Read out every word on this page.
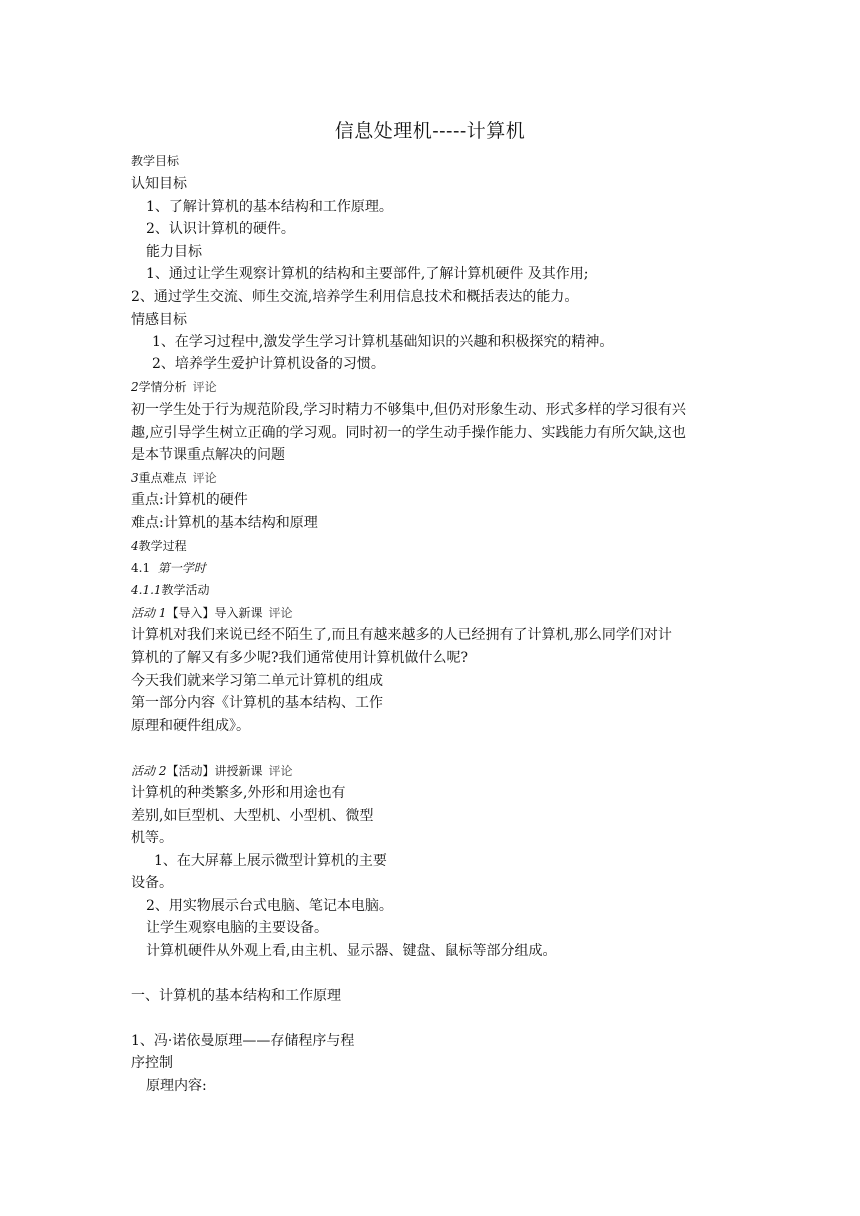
信息处理机-----计算机
教学目标
认知目标
1、了解计算机的基本结构和工作原理。
2、认识计算机的硬件。
能力目标
1、通过让学生观察计算机的结构和主要部件,了解计算机硬件 及其作用;
2、通过学生交流、师生交流,培养学生利用信息技术和概括表达的能力。
情感目标
1、在学习过程中,激发学生学习计算机基础知识的兴趣和积极探究的精神。
2、培养学生爱护计算机设备的习惯。
2学情分析 评论
初一学生处于行为规范阶段,学习时精力不够集中,但仍对形象生动、形式多样的学习很有兴
趣,应引导学生树立正确的学习观。同时初一的学生动手操作能力、实践能力有所欠缺,这也
是本节课重点解决的问题
3重点难点 评论
重点:计算机的硬件
难点:计算机的基本结构和原理
4教学过程
4.1 第一学时
4.1.1教学活动
活动 1【导入】导入新课 评论
计算机对我们来说已经不陌生了,而且有越来越多的人已经拥有了计算机,那么同学们对计
算机的了解又有多少呢?我们通常使用计算机做什么呢?
今天我们就来学习第二单元计算机的组成
第一部分内容《计算机的基本结构、工作
原理和硬件组成》。
活动 2【活动】讲授新课 评论
计算机的种类繁多,外形和用途也有
差别,如巨型机、大型机、小型机、微型
机等。
1、在大屏幕上展示微型计算机的主要
设备。
2、用实物展示台式电脑、笔记本电脑。
让学生观察电脑的主要设备。
计算机硬件从外观上看,由主机、显示器、键盘、鼠标等部分组成。
一、计算机的基本结构和工作原理
1、冯·诺依曼原理——存储程序与程
序控制
原理内容:
